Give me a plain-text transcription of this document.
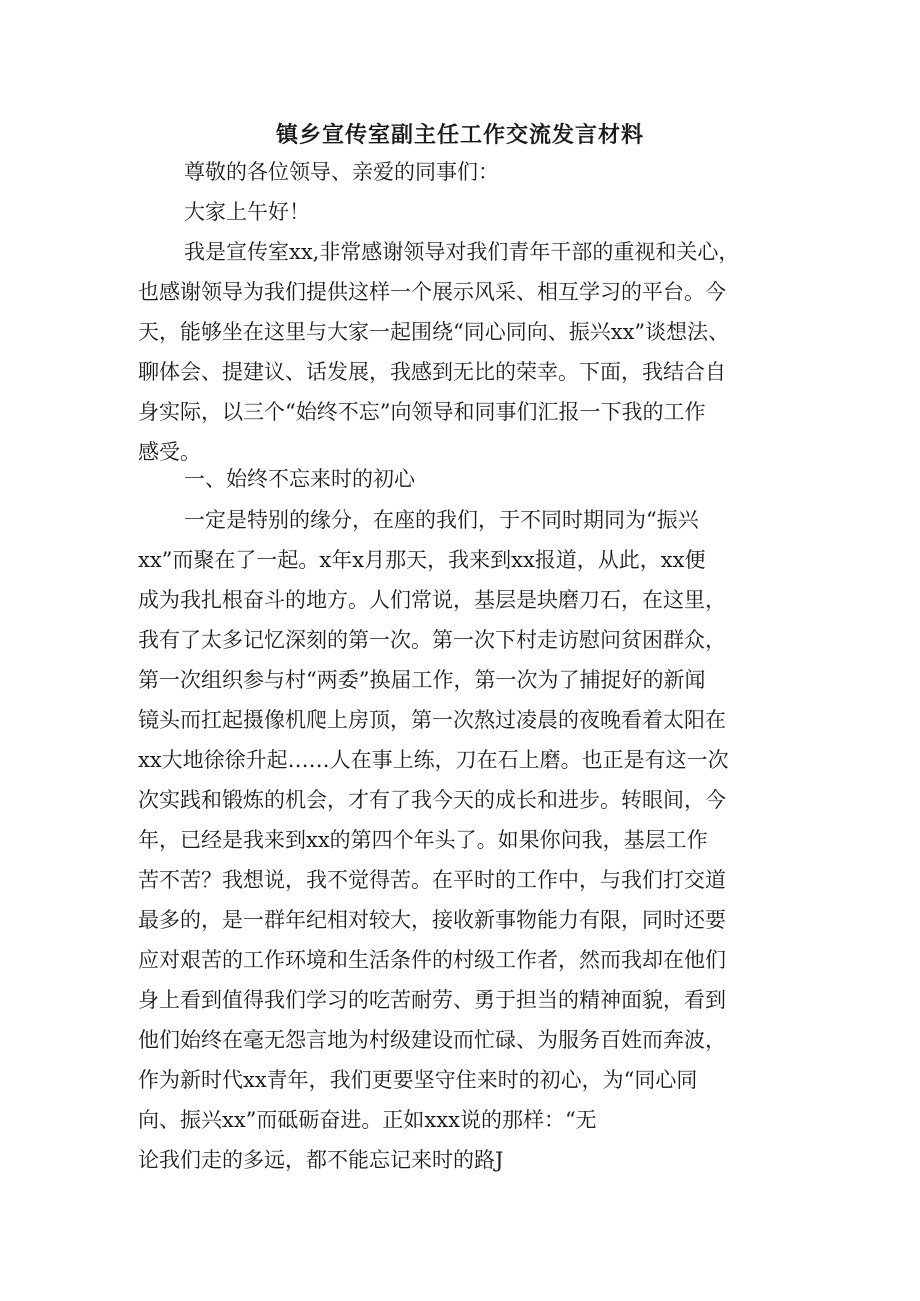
镇乡宣传室副主任工作交流发言材料
尊敬的各位领导、亲爱的同事们：
大家上午好！
我是宣传室xx,非常感谢领导对我们青年干部的重视和关心，
也感谢领导为我们提供这样一个展示风采、相互学习的平台。今
天，能够坐在这里与大家一起围绕“同心同向、振兴xx”谈想法、
聊体会、提建议、话发展，我感到无比的荣幸。下面，我结合自
身实际，以三个“始终不忘”向领导和同事们汇报一下我的工作
感受。
一、始终不忘来时的初心
一定是特别的缘分，在座的我们，于不同时期同为“振兴
xx”而聚在了一起。x年x月那天，我来到xx报道，从此，xx便
成为我扎根奋斗的地方。人们常说，基层是块磨刀石，在这里，
我有了太多记忆深刻的第一次。第一次下村走访慰问贫困群众，
第一次组织参与村“两委”换届工作，第一次为了捕捉好的新闻
镜头而扛起摄像机爬上房顶，第一次熬过凌晨的夜晚看着太阳在
xx大地徐徐升起……人在事上练，刀在石上磨。也正是有这一次
次实践和锻炼的机会，才有了我今天的成长和进步。转眼间，今
年，已经是我来到xx的第四个年头了。如果你问我，基层工作
苦不苦？我想说，我不觉得苦。在平时的工作中，与我们打交道
最多的，是一群年纪相对较大，接收新事物能力有限，同时还要
应对艰苦的工作环境和生活条件的村级工作者，然而我却在他们
身上看到值得我们学习的吃苦耐劳、勇于担当的精神面貌，看到
他们始终在毫无怨言地为村级建设而忙碌、为服务百姓而奔波，
作为新时代xx青年，我们更要坚守住来时的初心，为“同心同
向、振兴xx”而砥砺奋进。正如xxx说的那样：“无
论我们走的多远，都不能忘记来时的路J
